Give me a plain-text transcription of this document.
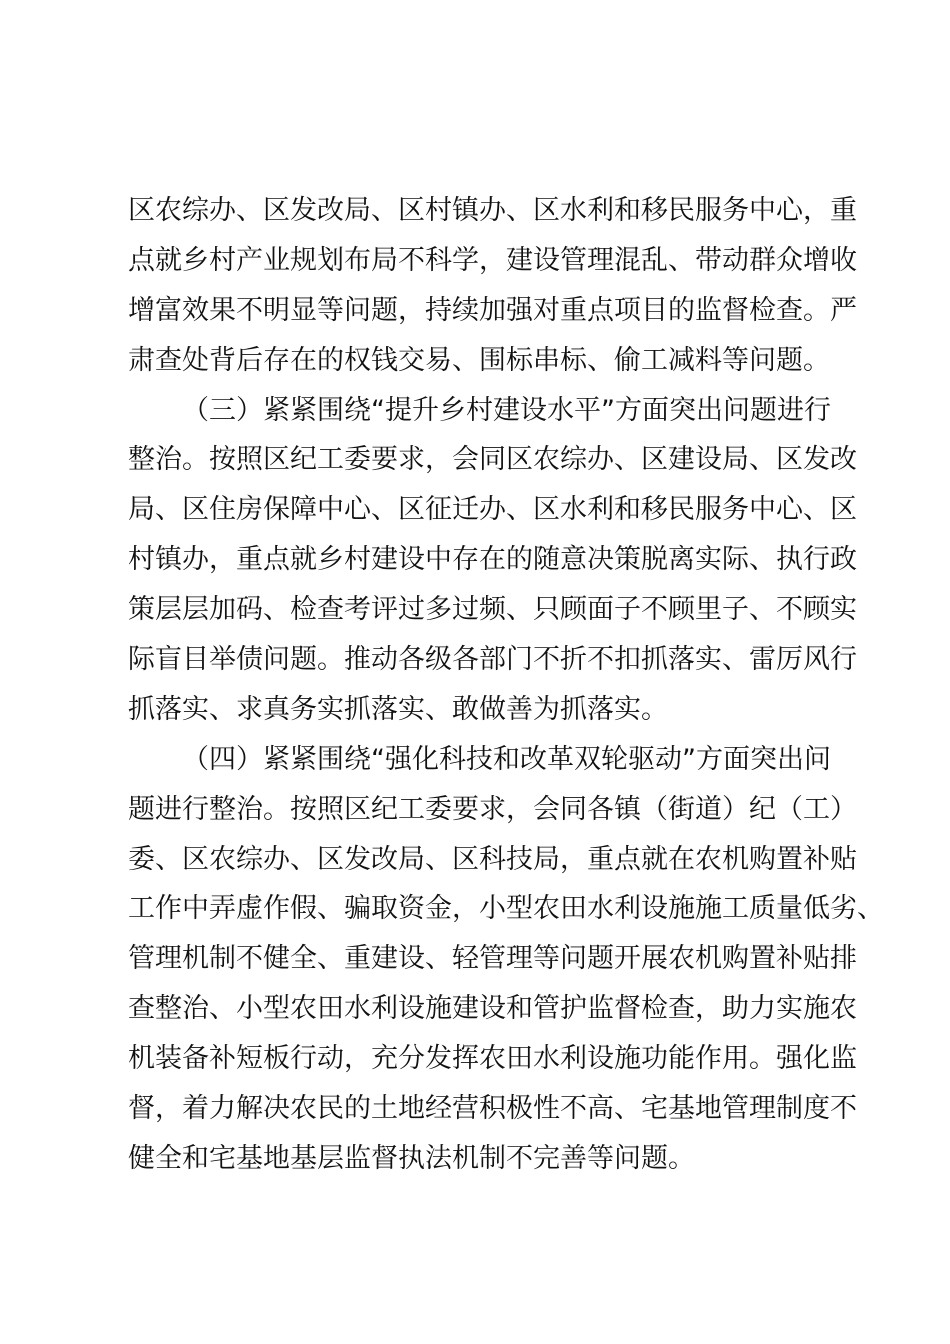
区农综办、区发改局、区村镇办、区水利和移民服务中心，重
点就乡村产业规划布局不科学，建设管理混乱、带动群众增收
增富效果不明显等问题，持续加强对重点项目的监督检查。严
肃查处背后存在的权钱交易、围标串标、偷工减料等问题。
（三）紧紧围绕“提升乡村建设水平”方面突出问题进行
整治。按照区纪工委要求，会同区农综办、区建设局、区发改
局、区住房保障中心、区征迁办、区水利和移民服务中心、区
村镇办，重点就乡村建设中存在的随意决策脱离实际、执行政
策层层加码、检查考评过多过频、只顾面子不顾里子、不顾实
际盲目举债问题。推动各级各部门不折不扣抓落实、雷厉风行
抓落实、求真务实抓落实、敢做善为抓落实。
（四）紧紧围绕“强化科技和改革双轮驱动”方面突出问
题进行整治。按照区纪工委要求，会同各镇（街道）纪（工）
委、区农综办、区发改局、区科技局，重点就在农机购置补贴
工作中弄虚作假、骗取资金，小型农田水利设施施工质量低劣、
管理机制不健全、重建设、轻管理等问题开展农机购置补贴排
查整治、小型农田水利设施建设和管护监督检查，助力实施农
机装备补短板行动，充分发挥农田水利设施功能作用。强化监
督，着力解决农民的土地经营积极性不高、宅基地管理制度不
健全和宅基地基层监督执法机制不完善等问题。
